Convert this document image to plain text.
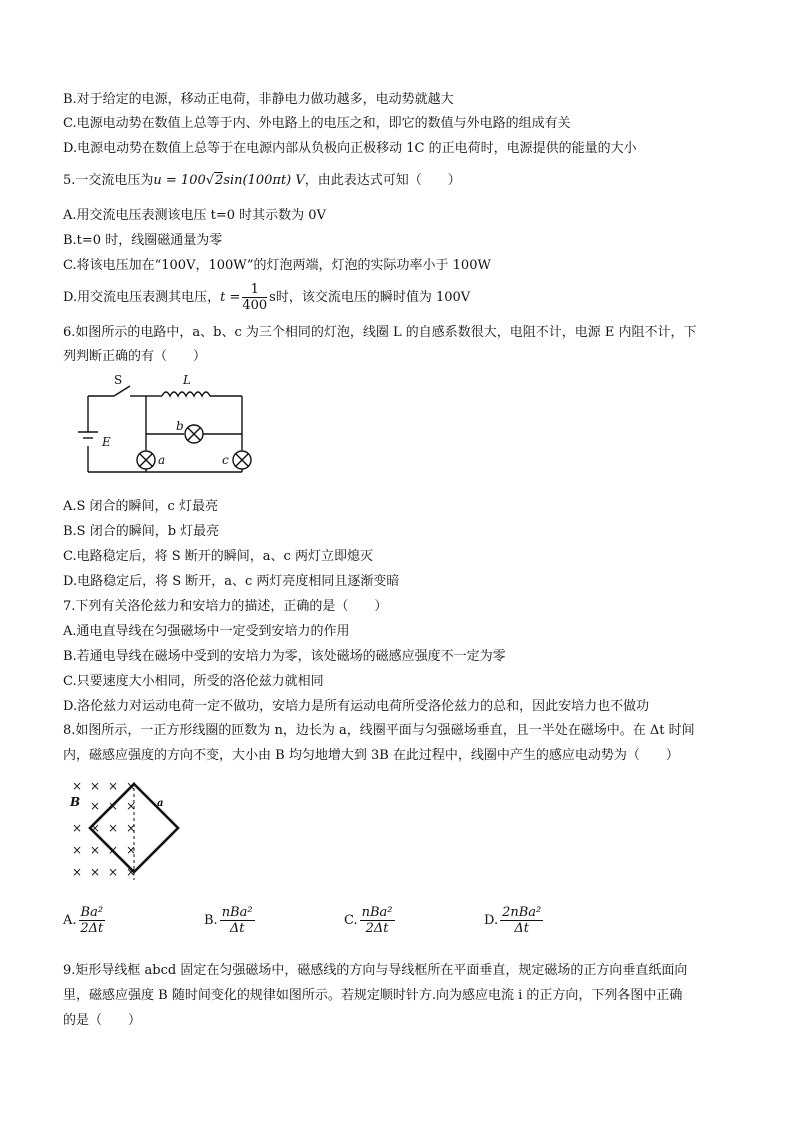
B.对于给定的电源，移动正电荷，非静电力做功越多，电动势就越大
C.电源电动势在数值上总等于内、外电路上的电压之和，即它的数值与外电路的组成有关
D.电源电动势在数值上总等于在电源内部从负极向正极移动 1C 的正电荷时，电源提供的能量的大小
5.一交流电压为u = 100√2sin(100πt) V，由此表达式可知（　　）
A.用交流电压表测该电压 t=0 时其示数为 0V
B.t=0 时，线圈磁通量为零
C.将该电压加在“100V，100W”的灯泡两端，灯泡的实际功率小于 100W
D.用交流电压表测其电压，$t = \frac{1}{400}$ s时，该交流电压的瞬时值为 100V
6.如图所示的电路中，a、b、c 为三个相同的灯泡，线圈 L 的自感系数很大，电阻不计，电源 E 内阻不计，下
列判断正确的有（　　）
S	L
E
b
a	c
A.S 闭合的瞬间，c 灯最亮
B.S 闭合的瞬间，b 灯最亮
C.电路稳定后，将 S 断开的瞬间，a、c 两灯立即熄灭
D.电路稳定后，将 S 断开，a、c 两灯亮度相同且逐渐变暗
7.下列有关洛伦兹力和安培力的描述，正确的是（　　）
A.通电直导线在匀强磁场中一定受到安培力的作用
B.若通电导线在磁场中受到的安培力为零，该处磁场的磁感应强度不一定为零
C.只要速度大小相同，所受的洛伦兹力就相同
D.洛伦兹力对运动电荷一定不做功，安培力是所有运动电荷所受洛伦兹力的总和，因此安培力也不做功
8.如图所示，一正方形线圈的匝数为 n，边长为 a，线圈平面与匀强磁场垂直，且一半处在磁场中。在 Δt 时间
内，磁感应强度的方向不变，大小由 B 均匀地增大到 3B 在此过程中，线圈中产生的感应电动势为（　　）
× × × ×
× × ×
× × × ×
× × × ×
× × × ×
B	a
A. $\frac{\text{Ba²}}{2\Delta t}$	B. $\frac{\text{nBa²}}{\Delta t}$	C. $\frac{\text{nBa²}}{2\Delta t}$	D. $\frac{\text{2nBa²}}{\Delta t}$
9.矩形导线框 abcd 固定在匀强磁场中，磁感线的方向与导线框所在平面垂直，规定磁场的正方向垂直纸面向
里，磁感应强度 B 随时间变化的规律如图所示。若规定顺时针方.向为感应电流 i 的正方向，下列各图中正确
的是（　　）
